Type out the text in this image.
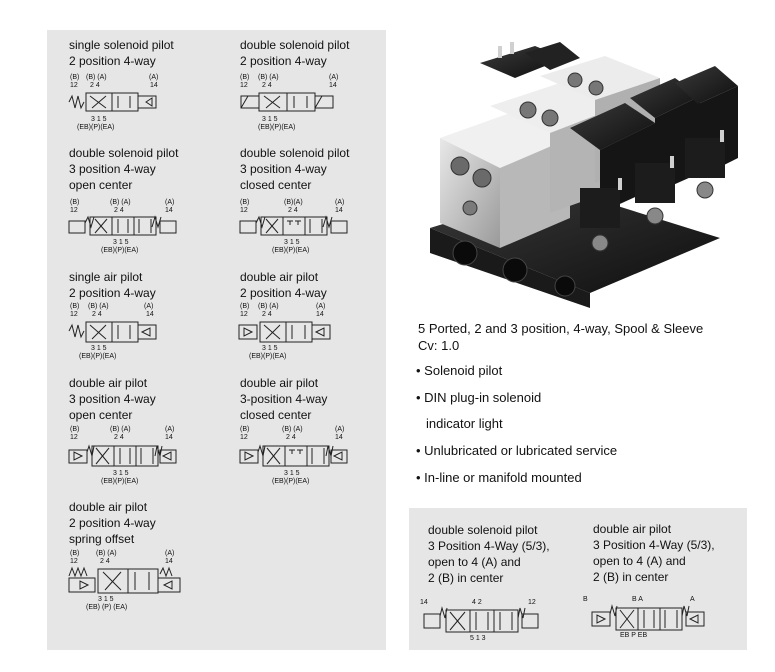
single solenoid pilot
2 position 4-way
(B) (B) (A)	(A)
12 2 4	14
3 1 5
(EB)(P)(EA)
double solenoid pilot
2 position 4-way
(B) (B) (A)	(A)
12 2 4	14
3 1 5
(EB)(P)(EA)
double solenoid pilot
3 position 4-way
open center
(B)	(B) (A)	(A)
12	2 4	14
3 1 5
(EB)(P)(EA)
double solenoid pilot
3 position 4-way
closed center
(B)	(B)(A)	(A)
12	2 4	14
3 1 5
(EB)(P)(EA)
single air pilot
2 position 4-way
(B) (B) (A)	(A)
12 2 4	14
3 1 5
(EB)(P)(EA)
double air pilot
2 position 4-way
(B) (B) (A)	(A)
12 2 4	14
3 1 5
(EB)(P)(EA)
double air pilot
3 position 4-way
open center
(B)	(B) (A)	(A)
12	2 4	14
3 1 5
(EB)(P)(EA)
double air pilot
3-position 4-way
closed center
(B)	(B) (A)	(A)
12	2 4	14
3 1 5
(EB)(P)(EA)
double air pilot
2 position 4-way
spring offset
(B) (B) (A)	(A)
12	2 4	14
3 1 5
(EB) (P) (EA)
5 Ported, 2 and 3 position, 4-way, Spool & Sleeve
Cv: 1.0
• Solenoid pilot
• DIN plug-in solenoid
indicator light
• Unlubricated or lubricated service
• In-line or manifold mounted
double solenoid pilot
3 Position 4-Way (5/3),
open to 4 (A) and
2 (B) in center
14	4 2	12
5 1 3
double air pilot
3 Position 4-Way (5/3),
open to 4 (A) and
2 (B) in center
B	B A	A
EB P EB
